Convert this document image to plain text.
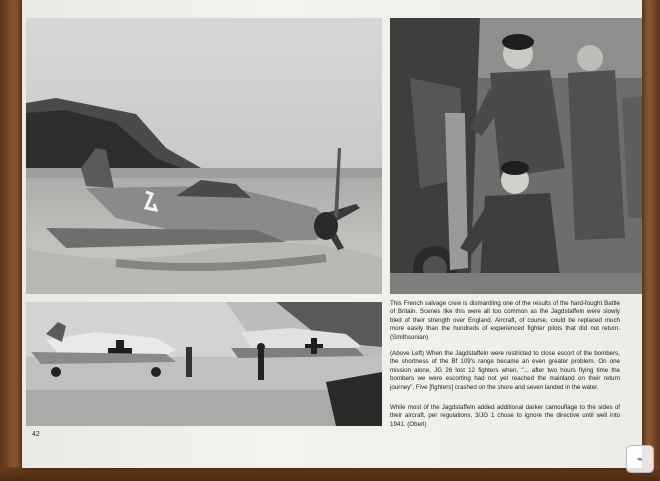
This French salvage crew is dismantling one of the results of the hard-fought Battle of Britain. Scenes like this were all too common as the Jagdstaffeln were slowly bled of their strength over England. Aircraft, of course, could be replaced much more easily than the hundreds of experienced fighter pilots that did not return. (Smithsonian)
(Above Left) When the Jagdstaffeln were restricted to close escort of the bombers, the shortness of the Bf 109's range became an even greater problem. On one mission alone, JG 26 lost 12 fighters when, "... after two hours flying time the bombers we were escorting had not yet reached the mainland on their return journey". Five [fighters] crashed on the shore and seven landed in the water.
While most of the Jagdstaffeln added additional darker camouflage to the sides of their aircraft, per regulations, 3/JG 1 chose to ignore the directive until well into 1941. (Oberl)
42
⌁
